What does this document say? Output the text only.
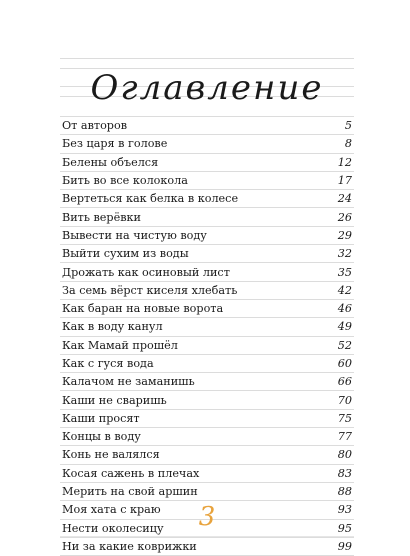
Оглавление
От авторов	5
Без царя в голове	8
Белены объелся	12
Бить во все колокола	17
Вертеться как белка в колесе	24
Вить верёвки	26
Вывести на чистую воду	29
Выйти сухим из воды	32
Дрожать как осиновый лист	35
За семь вёрст киселя хлебать	42
Как баран на новые ворота	46
Как в воду канул	49
Как Мамай прошёл	52
Как с гуся вода	60
Калачом не заманишь	66
Каши не сваришь	70
Каши просят	75
Концы в воду	77
Конь не валялся	80
Косая сажень в плечах	83
Мерить на свой аршин	88
Моя хата с краю	93
Нести околесицу	95
Ни за какие коврижки	99
3
